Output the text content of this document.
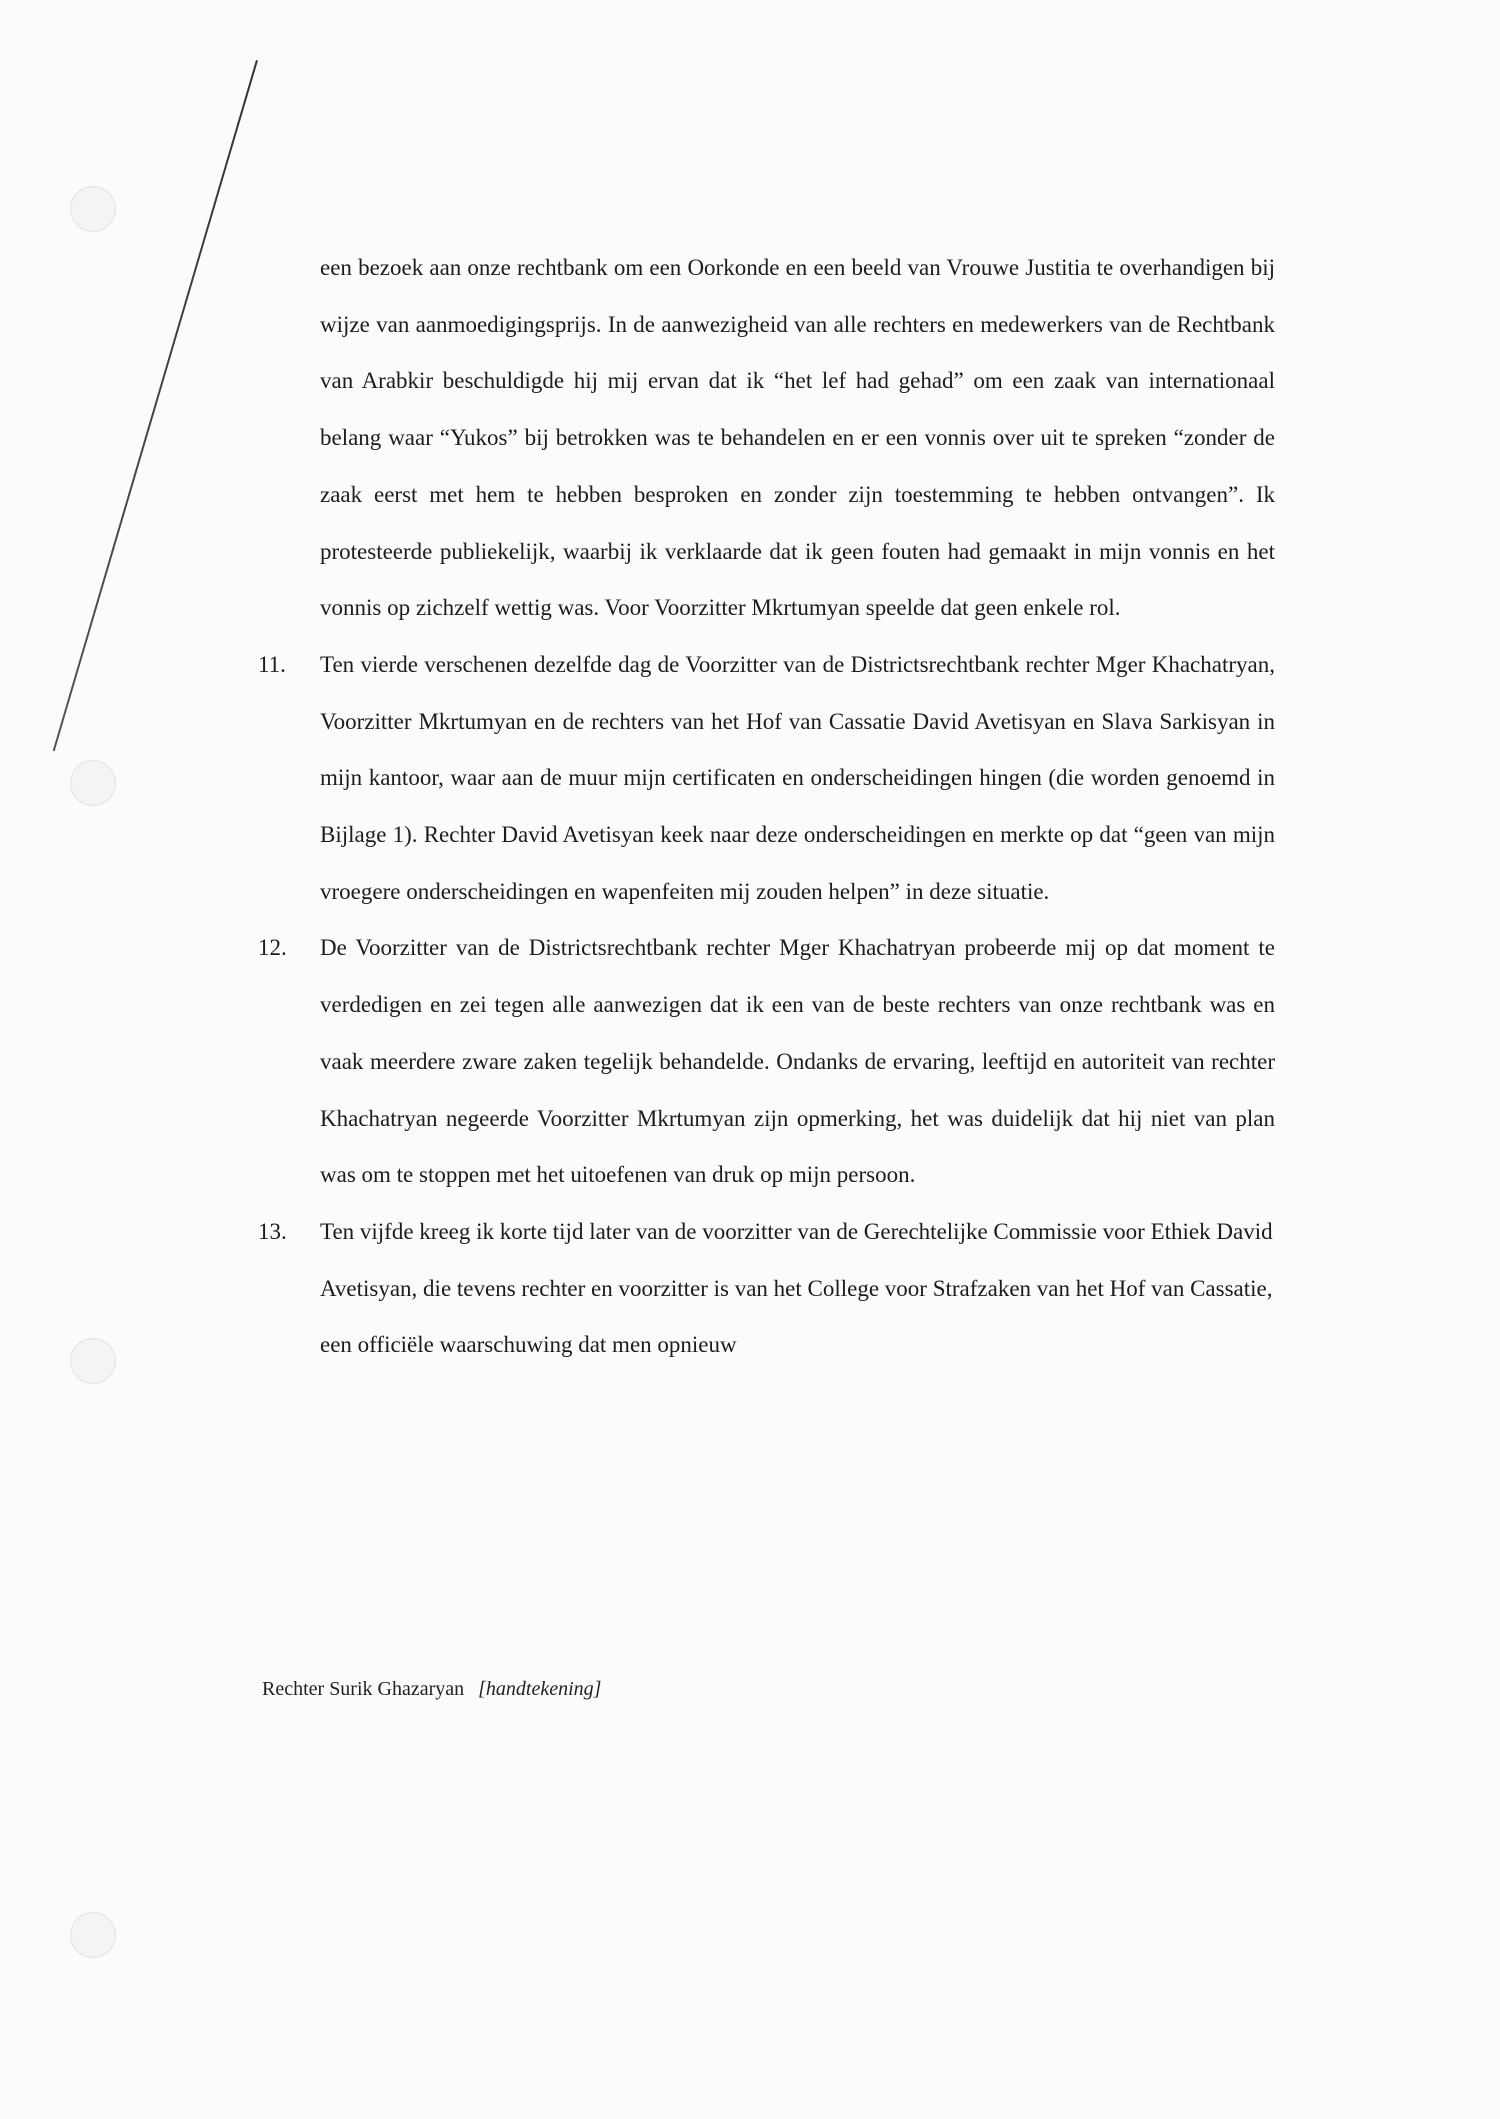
een bezoek aan onze rechtbank om een Oorkonde en een beeld van Vrouwe Justitia te overhandigen bij wijze van aanmoedigingsprijs. In de aanwezigheid van alle rechters en medewerkers van de Rechtbank van Arabkir beschuldigde hij mij ervan dat ik “het lef had gehad” om een zaak van internationaal belang waar “Yukos” bij betrokken was te behandelen en er een vonnis over uit te spreken “zonder de zaak eerst met hem te hebben besproken en zonder zijn toestemming te hebben ontvangen”. Ik protesteerde publiekelijk, waarbij ik verklaarde dat ik geen fouten had gemaakt in mijn vonnis en het vonnis op zichzelf wettig was. Voor Voorzitter Mkrtumyan speelde dat geen enkele rol.

11. Ten vierde verschenen dezelfde dag de Voorzitter van de Districtsrechtbank rechter Mger Khachatryan, Voorzitter Mkrtumyan en de rechters van het Hof van Cassatie David Avetisyan en Slava Sarkisyan in mijn kantoor, waar aan de muur mijn certificaten en onderscheidingen hingen (die worden genoemd in Bijlage 1). Rechter David Avetisyan keek naar deze onderscheidingen en merkte op dat “geen van mijn vroegere onderscheidingen en wapenfeiten mij zouden helpen” in deze situatie.

12. De Voorzitter van de Districtsrechtbank rechter Mger Khachatryan probeerde mij op dat moment te verdedigen en zei tegen alle aanwezigen dat ik een van de beste rechters van onze rechtbank was en vaak meerdere zware zaken tegelijk behandelde. Ondanks de ervaring, leeftijd en autoriteit van rechter Khachatryan negeerde Voorzitter Mkrtumyan zijn opmerking, het was duidelijk dat hij niet van plan was om te stoppen met het uitoefenen van druk op mijn persoon.

13. Ten vijfde kreeg ik korte tijd later van de voorzitter van de Gerechtelijke Commissie voor Ethiek David Avetisyan, die tevens rechter en voorzitter is van het College voor Strafzaken van het Hof van Cassatie, een officiële waarschuwing dat men opnieuw

Rechter Surik Ghazaryan [handtekening]
